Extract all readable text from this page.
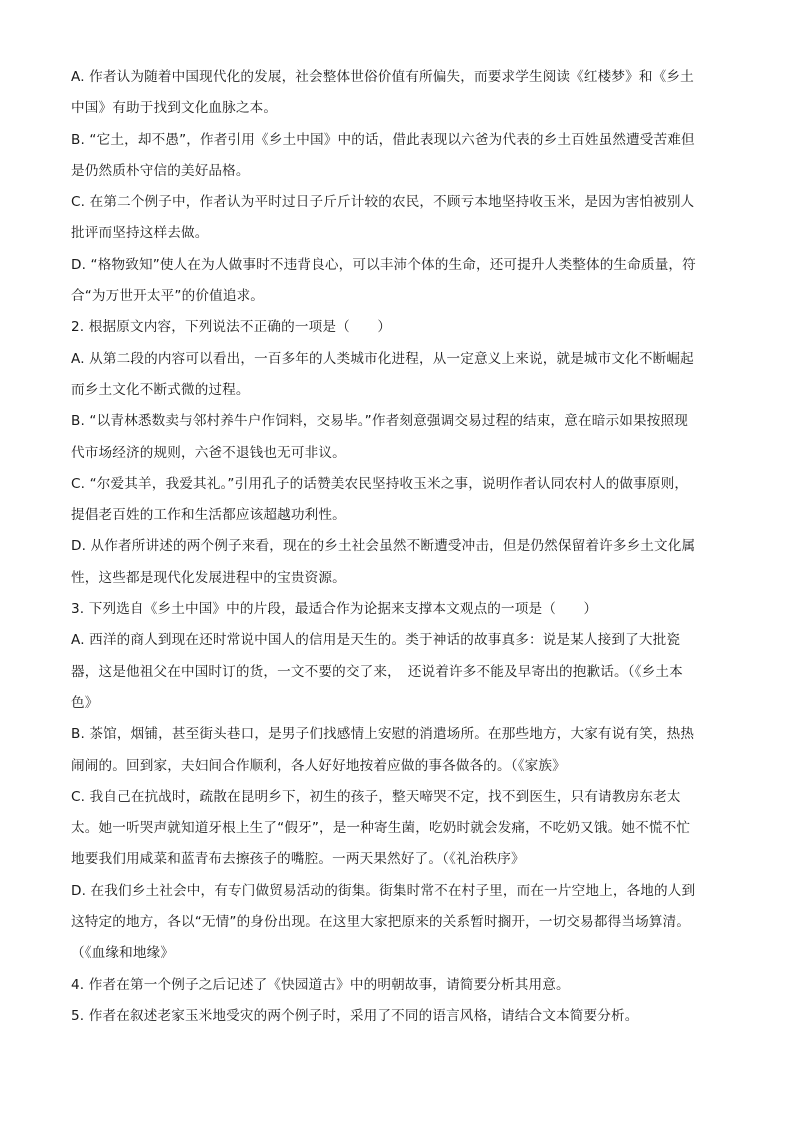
A. 作者认为随着中国现代化的发展，社会整体世俗价值有所偏失，而要求学生阅读《红楼梦》和《乡土
中国》有助于找到文化血脉之本。
B. “它土，却不愚”，作者引用《乡土中国》中的话，借此表现以六爸为代表的乡土百姓虽然遭受苦难但
是仍然质朴守信的美好品格。
C. 在第二个例子中，作者认为平时过日子斤斤计较的农民，不顾亏本地坚持收玉米，是因为害怕被别人
批评而坚持这样去做。
D. “格物致知”使人在为人做事时不违背良心，可以丰沛个体的生命，还可提升人类整体的生命质量，符
合“为万世开太平”的价值追求。
2. 根据原文内容，下列说法不正确的一项是（　　）
A. 从第二段的内容可以看出，一百多年的人类城市化进程，从一定意义上来说，就是城市文化不断崛起
而乡土文化不断式微的过程。
B. “以青林悉数卖与邻村养牛户作饲料，交易毕。”作者刻意强调交易过程的结束，意在暗示如果按照现
代市场经济的规则，六爸不退钱也无可非议。
C. “尔爱其羊，我爱其礼。”引用孔子的话赞美农民坚持收玉米之事，说明作者认同农村人的做事原则，
提倡老百姓的工作和生活都应该超越功利性。
D. 从作者所讲述的两个例子来看，现在的乡土社会虽然不断遭受冲击，但是仍然保留着许多乡土文化属
性，这些都是现代化发展进程中的宝贵资源。
3. 下列选自《乡土中国》中的片段，最适合作为论据来支撑本文观点的一项是（　　）
A. 西洋的商人到现在还时常说中国人的信用是天生的。类于神话的故事真多：说是某人接到了大批瓷
器，这是他祖父在中国时订的货，一文不要的交了来，　还说着许多不能及早寄出的抱歉话。（《乡土本
色》
B. 茶馆，烟铺，甚至街头巷口，是男子们找感情上安慰的消遣场所。在那些地方，大家有说有笑，热热
闹闹的。回到家，夫妇间合作顺利，各人好好地按着应做的事各做各的。（《家族》
C. 我自己在抗战时，疏散在昆明乡下，初生的孩子，整天啼哭不定，找不到医生，只有请教房东老太
太。她一听哭声就知道牙根上生了“假牙”，是一种寄生菌，吃奶时就会发痛，不吃奶又饿。她不慌不忙
地要我们用咸菜和蓝青布去擦孩子的嘴腔。一两天果然好了。（《礼治秩序》
D. 在我们乡土社会中，有专门做贸易活动的街集。街集时常不在村子里，而在一片空地上，各地的人到
这特定的地方，各以“无情”的身份出现。在这里大家把原来的关系暂时搁开，一切交易都得当场算清。
（《血缘和地缘》
4. 作者在第一个例子之后记述了《快园道古》中的明朝故事，请简要分析其用意。
5. 作者在叙述老家玉米地受灾的两个例子时，采用了不同的语言风格，请结合文本简要分析。
